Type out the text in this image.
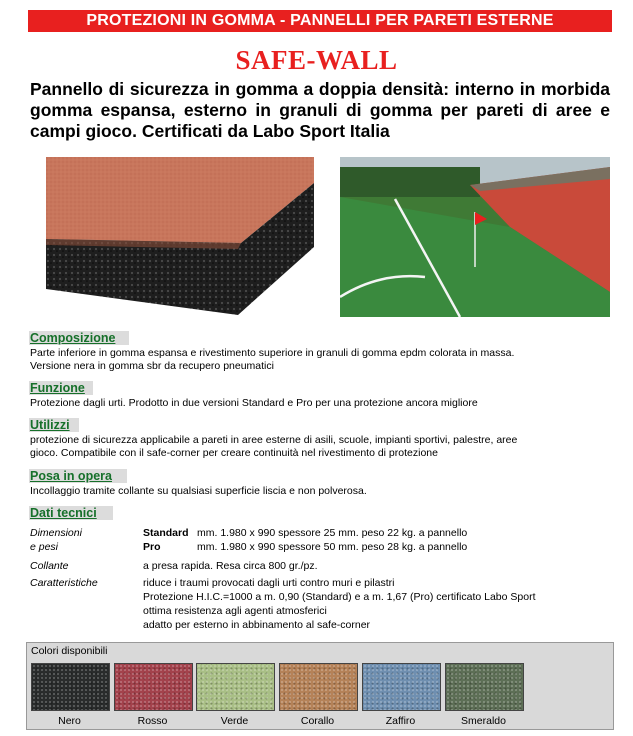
PROTEZIONI IN GOMMA - PANNELLI PER PARETI ESTERNE
SAFE-WALL
Pannello di sicurezza in gomma a doppia densità: interno in morbida gomma espansa, esterno in granuli di gomma per pareti di aree e campi gioco. Certificati da Labo Sport Italia
Composizione
Parte inferiore in gomma espansa e rivestimento superiore in granuli di gomma epdm colorata in massa.
Versione nera in gomma sbr da recupero pneumatici
Funzione
Protezione dagli urti. Prodotto in due versioni Standard e Pro per una protezione ancora migliore
Utilizzi
protezione di sicurezza applicabile a pareti in aree esterne di asili, scuole, impianti sportivi, palestre, aree
gioco. Compatibile con il safe-corner per creare continuità nel rivestimento di protezione
Posa in opera
Incollaggio tramite collante su qualsiasi superficie liscia e non polverosa.
Dati tecnici
Dimensioni
e pesi
Standard mm. 1.980 x 990 spessore 25 mm. peso 22 kg. a pannello
Pro	mm. 1.980 x 990 spessore 50 mm. peso 28 kg. a pannello
Collante	a presa rapida. Resa circa 800 gr./pz.
Caratteristiche	riduce i traumi provocati dagli urti contro muri e pilastri
Protezione H.I.C.=1000 a m. 0,90 (Standard) e a m. 1,67 (Pro) certificato Labo Sport
ottima resistenza agli agenti atmosferici
adatto per esterno in abbinamento al safe-corner
Colori disponibili
Nero	Rosso	Verde	Corallo	Zaffiro	Smeraldo
